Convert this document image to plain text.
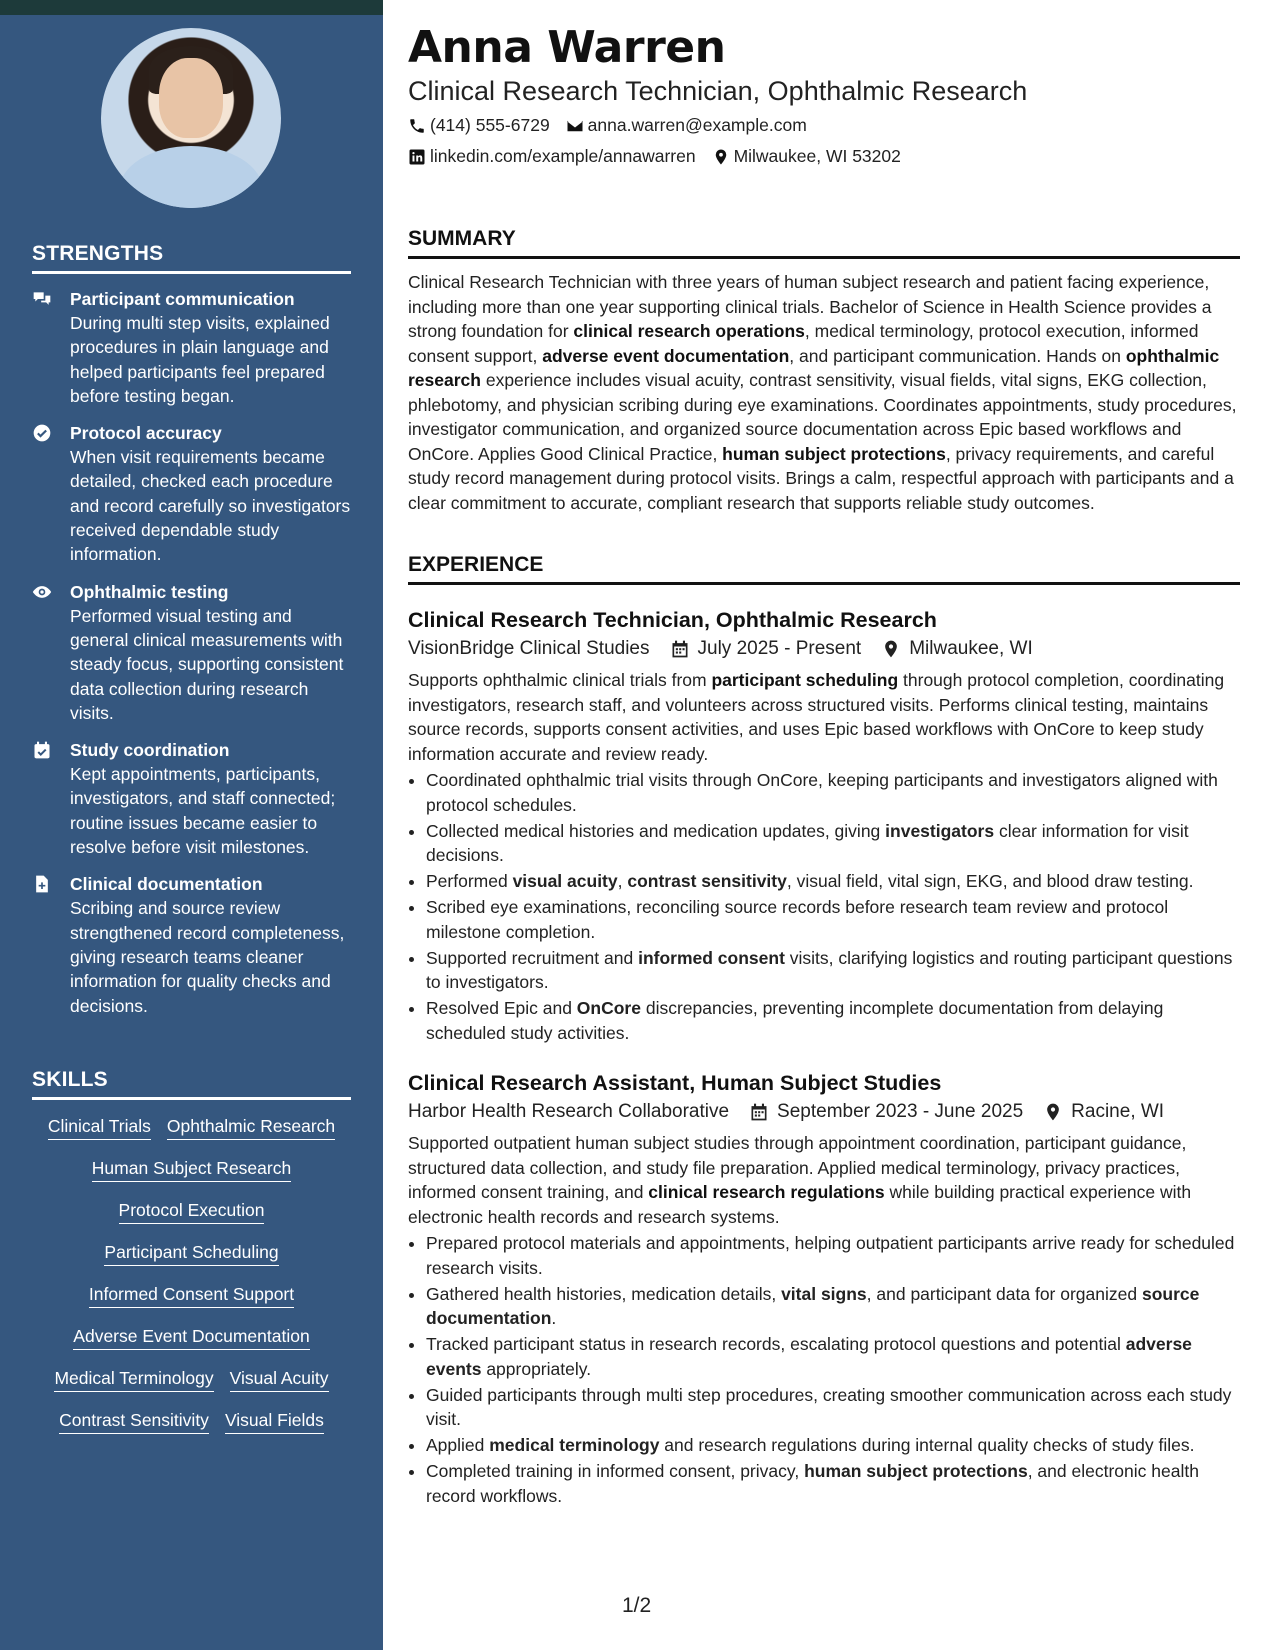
STRENGTHS
Participant communication
During multi step visits, explained procedures in plain language and helped participants feel prepared before testing began.
Protocol accuracy
When visit requirements became detailed, checked each procedure and record carefully so investigators received dependable study information.
Ophthalmic testing
Performed visual testing and general clinical measurements with steady focus, supporting consistent data collection during research visits.
Study coordination
Kept appointments, participants, investigators, and staff connected; routine issues became easier to resolve before visit milestones.
Clinical documentation
Scribing and source review strengthened record completeness, giving research teams cleaner information for quality checks and decisions.
SKILLS
Clinical Trials Ophthalmic Research
Human Subject Research
Protocol Execution
Participant Scheduling
Informed Consent Support
Adverse Event Documentation
Medical Terminology Visual Acuity
Contrast Sensitivity Visual Fields
Anna Warren
Clinical Research Technician, Ophthalmic Research
(414) 555-6729 anna.warren@example.com
linkedin.com/example/annawarren Milwaukee, WI 53202
SUMMARY

Clinical Research Technician with three years of human subject research and patient facing experience, including more than one year supporting clinical trials. Bachelor of Science in Health Science provides a strong foundation for clinical research operations, medical terminology, protocol execution, informed consent support, adverse event documentation, and participant communication. Hands on ophthalmic research experience includes visual acuity, contrast sensitivity, visual fields, vital signs, EKG collection, phlebotomy, and physician scribing during eye examinations. Coordinates appointments, study procedures, investigator communication, and organized source documentation across Epic based workflows and OnCore. Applies Good Clinical Practice, human subject protections, privacy requirements, and careful study record management during protocol visits. Brings a calm, respectful approach with participants and a clear commitment to accurate, compliant research that supports reliable study outcomes.

EXPERIENCE
Clinical Research Technician, Ophthalmic Research
VisionBridge Clinical Studies	July 2025 - Present	Milwaukee, WI

Supports ophthalmic clinical trials from participant scheduling through protocol completion, coordinating investigators, research staff, and volunteers across structured visits. Performs clinical testing, maintains source records, supports consent activities, and uses Epic based workflows with OnCore to keep study information accurate and review ready.

• Coordinated ophthalmic trial visits through OnCore, keeping participants and investigators aligned with protocol schedules.
• Collected medical histories and medication updates, giving investigators clear information for visit decisions.
• Performed visual acuity, contrast sensitivity, visual field, vital sign, EKG, and blood draw testing.
• Scribed eye examinations, reconciling source records before research team review and protocol milestone completion.
• Supported recruitment and informed consent visits, clarifying logistics and routing participant questions to investigators.
• Resolved Epic and OnCore discrepancies, preventing incomplete documentation from delaying scheduled study activities.
Clinical Research Assistant, Human Subject Studies
Harbor Health Research Collaborative	September 2023 - June 2025	Racine, WI

Supported outpatient human subject studies through appointment coordination, participant guidance, structured data collection, and study file preparation. Applied medical terminology, privacy practices, informed consent training, and clinical research regulations while building practical experience with electronic health records and research systems.

• Prepared protocol materials and appointments, helping outpatient participants arrive ready for scheduled research visits.
• Gathered health histories, medication details, vital signs, and participant data for organized source documentation.
• Tracked participant status in research records, escalating protocol questions and potential adverse events appropriately.
• Guided participants through multi step procedures, creating smoother communication across each study visit.
• Applied medical terminology and research regulations during internal quality checks of study files.
• Completed training in informed consent, privacy, human subject protections, and electronic health record workflows.
1/2
